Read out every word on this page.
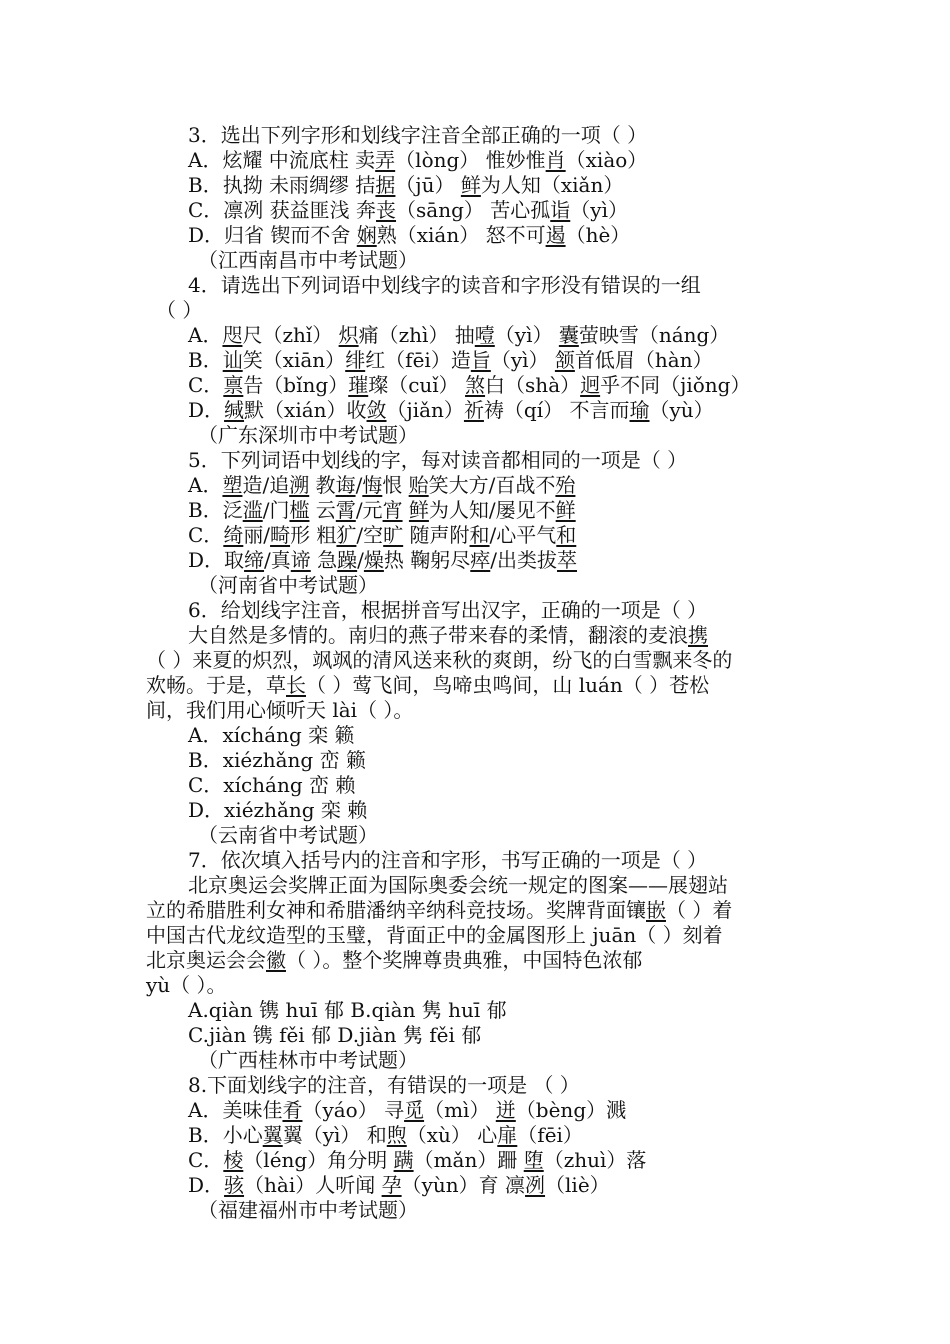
3．选出下列字形和划线字注音全部正确的一项（ ）
A．炫耀 中流底柱 卖弄（lòng） 惟妙惟肖（xiào）
B．执拗 未雨绸缪 拮据（jū） 鲜为人知（xiǎn）
C．凛冽 获益匪浅 奔丧（sāng） 苦心孤诣（yì）
D．归省 锲而不舍 娴熟（xián） 怒不可遏（hè）
（江西南昌市中考试题）
4．请选出下列词语中划线字的读音和字形没有错误的一组
（ ）
A．咫尺（zhǐ） 炽痛（zhì） 抽噎（yì） 囊萤映雪（náng）
B．讪笑（xiān）绯红（fēi）造旨（yì） 颔首低眉（hàn）
C．禀告（bǐng）璀璨（cuǐ） 煞白（shà）迥乎不同（jiǒng）
D．缄默（xián）收敛（jiǎn）祈祷（qí） 不言而瑜（yù）
（广东深圳市中考试题）
5．下列词语中划线的字，每对读音都相同的一项是（ ）
A．塑造/追溯 教诲/悔恨 贻笑大方/百战不殆
B．泛滥/门槛 云霄/元宵 鲜为人知/屡见不鲜
C．绮丽/畸形 粗犷/空旷 随声附和/心平气和
D．取缔/真谛 急躁/燥热 鞠躬尽瘁/出类拔萃
（河南省中考试题）
6．给划线字注音，根据拼音写出汉字，正确的一项是（ ）
大自然是多情的。南归的燕子带来春的柔情，翻滚的麦浪携
（ ）来夏的炽烈，飒飒的清风送来秋的爽朗，纷飞的白雪飘来冬的
欢畅。于是，草长（ ）莺飞间，鸟啼虫鸣间，山 luán（ ）苍松
间，我们用心倾听天 lài（ ）。
A．xícháng 栾 籁
B．xiézhǎng 峦 籁
C．xícháng 峦 赖
D．xiézhǎng 栾 赖
（云南省中考试题）
7．依次填入括号内的注音和字形，书写正确的一项是（ ）
北京奥运会奖牌正面为国际奥委会统一规定的图案——展翅站
立的希腊胜利女神和希腊潘纳辛纳科竞技场。奖牌背面镶嵌（ ）着
中国古代龙纹造型的玉璧，背面正中的金属图形上 juān（ ）刻着
北京奥运会会徽（ ）。整个奖牌尊贵典雅，中国特色浓郁
yù（ ）。
A.qiàn 镌 huī 郁 B.qiàn 隽 huī 郁
C.jiàn 镌 fěi 郁 D.jiàn 隽 fěi 郁
（广西桂林市中考试题）
8.下面划线字的注音，有错误的一项是 （ ）
A．美味佳肴（yáo） 寻觅（mì） 迸（bèng）溅
B．小心翼翼（yì） 和煦（xù） 心扉（fēi）
C．棱（léng）角分明 蹒（mǎn）跚 堕（zhuì）落
D．骇（hài）人听闻 孕（yùn）育 凛冽（liè）
（福建福州市中考试题）
